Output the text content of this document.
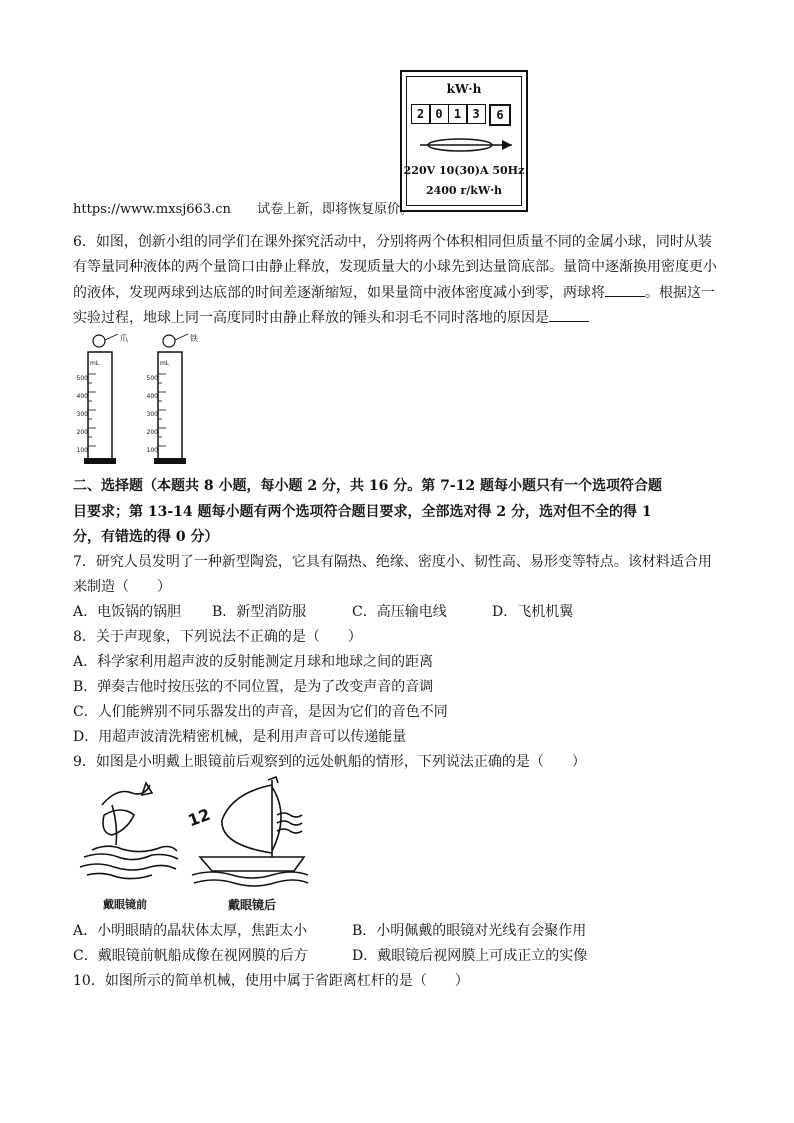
kW·h
2 0 1 3	6
220V 10(30)A 50Hz
2400 r/kW·h
https://www.mxsj663.cn 试卷上新，即将恢复原价。
6．如图，创新小组的同学们在课外探究活动中，分别将两个体积相同但质量不同的金属小球，同时从装
有等量同种液体的两个量筒口由静止释放，发现质量大的小球先到达量筒底部。量筒中逐渐换用密度更小
的液体，发现两球到达底部的时间差逐渐缩短，如果量筒中液体密度减小到零，两球将	。根据这一
实验过程，地球上同一高度同时由静止释放的锤头和羽毛不同时落地的原因是
爪	铁
mL	mL
500
400
300
200
100
500
400
300
200
100
二、选择题（本题共 8 小题，每小题 2 分，共 16 分。第 7-12 题每小题只有一个选项符合题
目要求；第 13-14 题每小题有两个选项符合题目要求，全部选对得 2 分，选对但不全的得 1
分，有错选的得 0 分）
7．研究人员发明了一种新型陶瓷，它具有隔热、绝缘、密度小、韧性高、易形变等特点。该材料适合用
来制造（　　）
A．电饭锅的锅胆 B．新型消防服	C．高压输电线	D．飞机机翼
8．关于声现象，下列说法不正确的是（　　）
A．科学家利用超声波的反射能测定月球和地球之间的距离
B．弹奏吉他时按压弦的不同位置，是为了改变声音的音调
C．人们能辨别不同乐器发出的声音，是因为它们的音色不同
D．用超声波清洗精密机械，是利用声音可以传递能量
9．如图是小明戴上眼镜前后观察到的远处帆船的情形，下列说法正确的是（　　）
12
戴眼镜前	戴眼镜后
A．小明眼睛的晶状体太厚，焦距太小	B．小明佩戴的眼镜对光线有会聚作用
C．戴眼镜前帆船成像在视网膜的后方	D．戴眼镜后视网膜上可成正立的实像
10．如图所示的简单机械，使用中属于省距离杠杆的是（　　）
